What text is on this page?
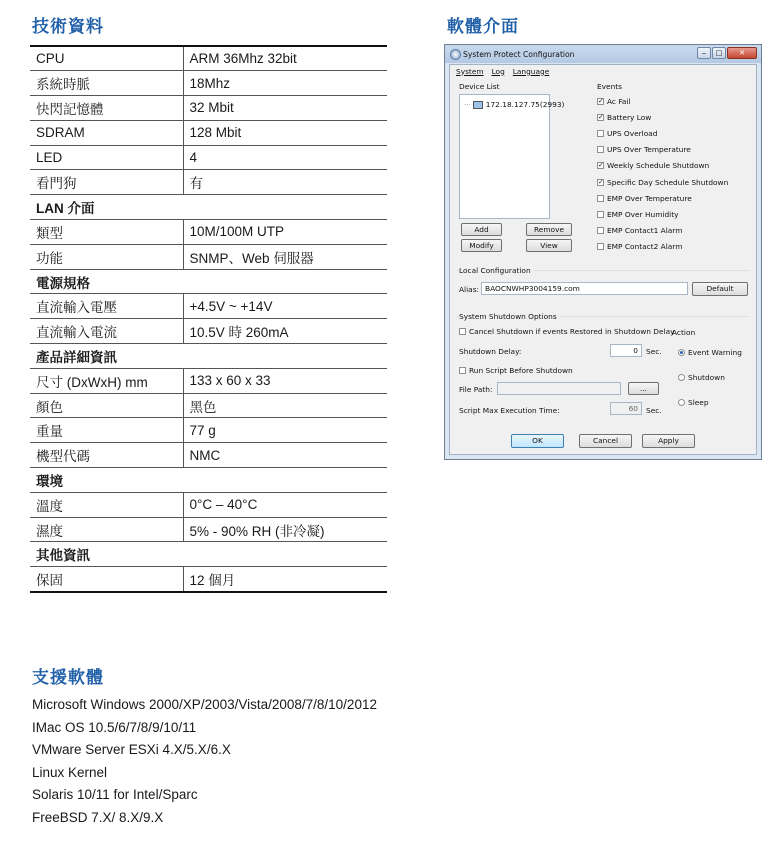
技術資料	軟體介面
CPU	ARM 36Mhz 32bit
系統時脈	18Mhz
快閃記憶體	32 Mbit
SDRAM	128 Mbit
LED	4
看門狗	有
LAN 介面	
類型	10M/100M UTP
功能	SNMP、Web 伺服器
電源規格	
直流輸入電壓	+4.5V ~ +14V
直流輸入電流	10.5V 時 260mA
產品詳細資訊	
尺寸 (DxWxH) mm	133 x 60 x 33
顏色	黑色
重量	77 g
機型代碼	NMC
環境	
溫度	0°C – 40°C
濕度	5% - 90% RH (非冷凝)
其他資訊	
保固	12 個月
支援軟體
Microsoft Windows 2000/XP/2003/Vista/2008/7/8/10/2012
IMac OS 10.5/6/7/8/9/10/11
VMware Server ESXi 4.X/5.X/6.X
Linux Kernel
Solaris 10/11 for Intel/Sparc
FreeBSD 7.X/ 8.X/9.X
System Protect Configuration	‒	□	✕
System Log Language
Device List
··· 172.18.127.75(2993)
Add	Remove
Modify	View
Events
✓ Ac Fail
✓ Battery Low
UPS Overload
UPS Over Temperature
✓ Weekly Schedule Shutdown
✓ Specific Day Schedule Shutdown
EMP Over Temperature
EMP Over Humidity
EMP Contact1 Alarm
EMP Contact2 Alarm
Local Configuration
Alias: BAOCNWHP3004159.com	Default
System Shutdown Options
Cancel Shutdown if events Restored in Shutdown Delay
Shutdown Delay:	0	Sec.
Run Script Before Shutdown
File Path:	...
Script Max Execution Time:	60	Sec.
Action
Event Warning
Shutdown
Sleep
OK	Cancel	Apply
